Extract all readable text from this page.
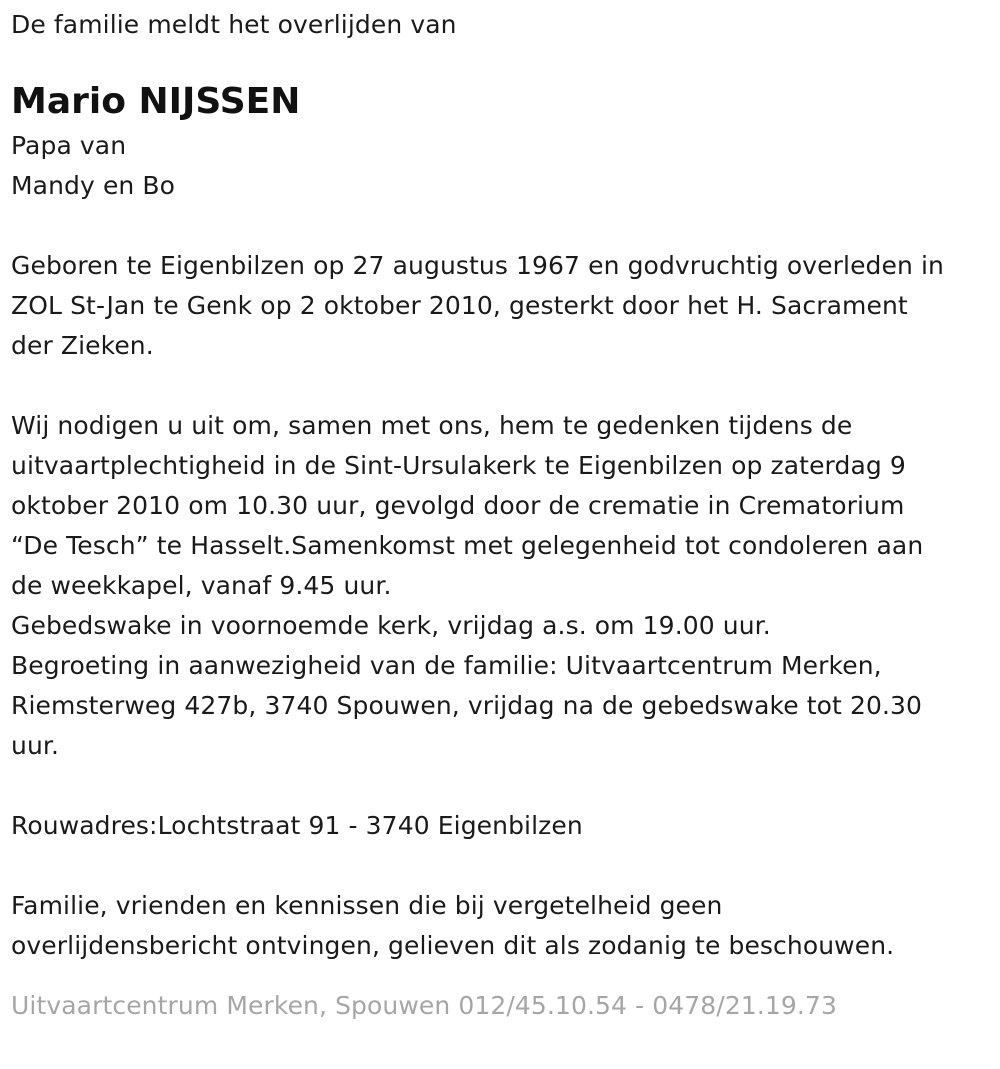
De familie meldt het overlijden van
Mario NIJSSEN
Papa van
Mandy en Bo
Geboren te Eigenbilzen op 27 augustus 1967 en godvruchtig overleden in
ZOL St-Jan te Genk op 2 oktober 2010, gesterkt door het H. Sacrament
der Zieken.
Wij nodigen u uit om, samen met ons, hem te gedenken tijdens de
uitvaartplechtigheid in de Sint-Ursulakerk te Eigenbilzen op zaterdag 9
oktober 2010 om 10.30 uur, gevolgd door de crematie in Crematorium
“De Tesch” te Hasselt.Samenkomst met gelegenheid tot condoleren aan
de weekkapel, vanaf 9.45 uur.
Gebedswake in voornoemde kerk, vrijdag a.s. om 19.00 uur.
Begroeting in aanwezigheid van de familie: Uitvaartcentrum Merken,
Riemsterweg 427b, 3740 Spouwen, vrijdag na de gebedswake tot 20.30
uur.
Rouwadres:Lochtstraat 91 - 3740 Eigenbilzen
Familie, vrienden en kennissen die bij vergetelheid geen
overlijdensbericht ontvingen, gelieven dit als zodanig te beschouwen.
Uitvaartcentrum Merken, Spouwen 012/45.10.54 - 0478/21.19.73
